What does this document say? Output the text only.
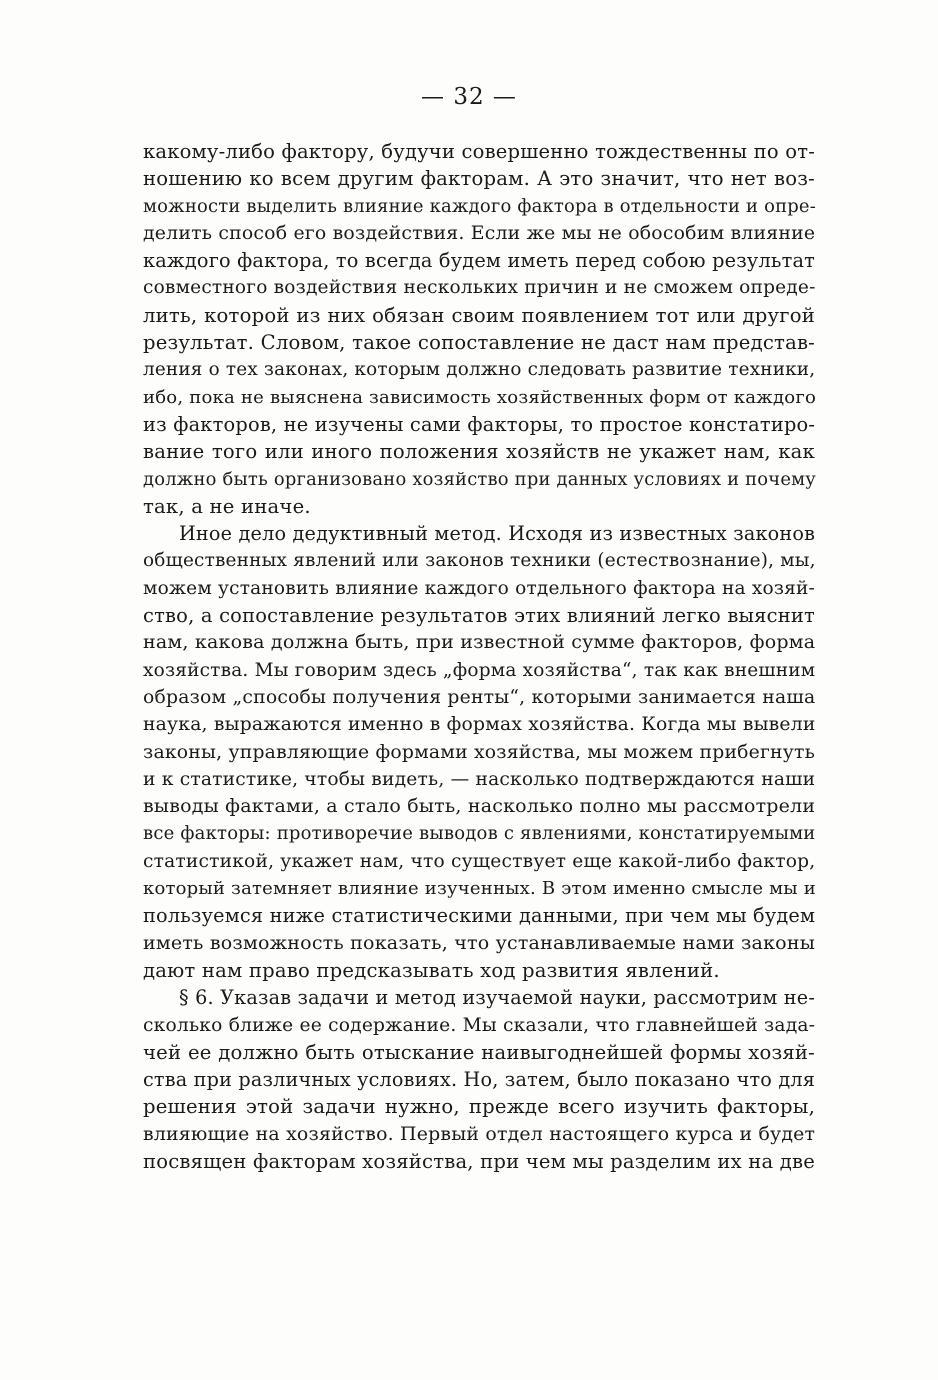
— 32 —

какому-либо фактору, будучи совершенно тождественны по от-
ношению ко всем другим факторам. А это значит, что нет воз-
можности выделить влияние каждого фактора в отдельности и опре-
делить способ его воздействия. Если же мы не обособим влияние
каждого фактора, то всегда будем иметь перед собою результат
совместного воздействия нескольких причин и не сможем опреде-
лить, которой из них обязан своим появлением тот или другой
результат. Словом, такое сопоставление не даст нам представ-
ления о тех законах, которым должно следовать развитие техники,
ибо, пока не выяснена зависимость хозяйственных форм от каждого
из факторов, не изучены сами факторы, то простое констатиро-
вание того или иного положения хозяйств не укажет нам, как
должно быть организовано хозяйство при данных условиях и почему
так, а не иначе.

Иное дело дедуктивный метод. Исходя из известных законов
общественных явлений или законов техники (естествознание), мы,
можем установить влияние каждого отдельного фактора на хозяй-
ство, а сопоставление результатов этих влияний легко выяснит
нам, какова должна быть, при известной сумме факторов, форма
хозяйства. Мы говорим здесь „форма хозяйства“, так как внешним
образом „способы получения ренты“, которыми занимается наша
наука, выражаются именно в формах хозяйства. Когда мы вывели
законы, управляющие формами хозяйства, мы можем прибегнуть
и к статистике, чтобы видеть, — насколько подтверждаются наши
выводы фактами, а стало быть, насколько полно мы рассмотрели
все факторы: противоречие выводов с явлениями, констатируемыми
статистикой, укажет нам, что существует еще какой-либо фактор,
который затемняет влияние изученных. В этом именно смысле мы и
пользуемся ниже статистическими данными, при чем мы будем
иметь возможность показать, что устанавливаемые нами законы
дают нам право предсказывать ход развития явлений.

§ 6. Указав задачи и метод изучаемой науки, рассмотрим не-
сколько ближе ее содержание. Мы сказали, что главнейшей зада-
чей ее должно быть отыскание наивыгоднейшей формы хозяй-
ства при различных условиях. Но, затем, было показано что для
решения этой задачи нужно, прежде всего изучить факторы,
влияющие на хозяйство. Первый отдел настоящего курса и будет
посвящен факторам хозяйства, при чем мы разделим их на две
